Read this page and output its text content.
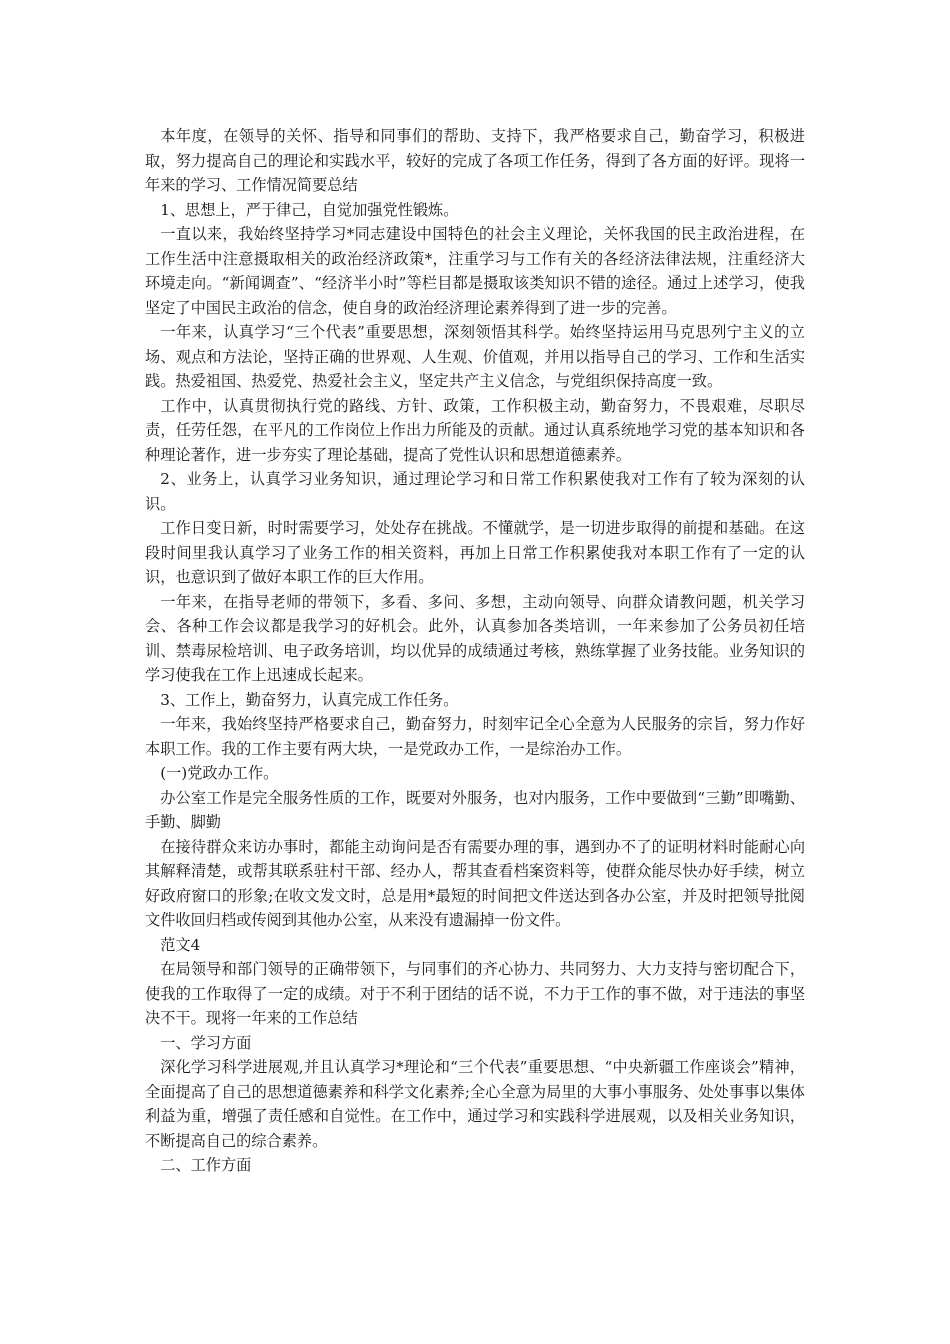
本年度，在领导的关怀、指导和同事们的帮助、支持下，我严格要求自己，勤奋学习，积极进取，努力提高自己的理论和实践水平，较好的完成了各项工作任务，得到了各方面的好评。现将一年来的学习、工作情况简要总结

1、思想上，严于律己，自觉加强党性锻炼。

一直以来，我始终坚持学习*同志建设中国特色的社会主义理论，关怀我国的民主政治进程，在工作生活中注意摄取相关的政治经济政策*，注重学习与工作有关的各经济法律法规，注重经济大环境走向。“新闻调查”、“经济半小时”等栏目都是摄取该类知识不错的途径。通过上述学习，使我坚定了中国民主政治的信念，使自身的政治经济理论素养得到了进一步的完善。

一年来，认真学习“三个代表”重要思想，深刻领悟其科学。始终坚持运用马克思列宁主义的立场、观点和方法论，坚持正确的世界观、人生观、价值观，并用以指导自己的学习、工作和生活实践。热爱祖国、热爱党、热爱社会主义，坚定共产主义信念，与党组织保持高度一致。

工作中，认真贯彻执行党的路线、方针、政策，工作积极主动，勤奋努力，不畏艰难，尽职尽责，任劳任怨，在平凡的工作岗位上作出力所能及的贡献。通过认真系统地学习党的基本知识和各种理论著作，进一步夯实了理论基础，提高了党性认识和思想道德素养。

2、业务上，认真学习业务知识，通过理论学习和日常工作积累使我对工作有了较为深刻的认识。

工作日变日新，时时需要学习，处处存在挑战。不懂就学，是一切进步取得的前提和基础。在这段时间里我认真学习了业务工作的相关资料，再加上日常工作积累使我对本职工作有了一定的认识，也意识到了做好本职工作的巨大作用。

一年来，在指导老师的带领下，多看、多问、多想，主动向领导、向群众请教问题，机关学习会、各种工作会议都是我学习的好机会。此外，认真参加各类培训，一年来参加了公务员初任培训、禁毒尿检培训、电子政务培训，均以优异的成绩通过考核，熟练掌握了业务技能。业务知识的学习使我在工作上迅速成长起来。

3、工作上，勤奋努力，认真完成工作任务。

一年来，我始终坚持严格要求自己，勤奋努力，时刻牢记全心全意为人民服务的宗旨，努力作好本职工作。我的工作主要有两大块，一是党政办工作，一是综治办工作。

(一)党政办工作。

办公室工作是完全服务性质的工作，既要对外服务，也对内服务，工作中要做到“三勤”即嘴勤、手勤、脚勤

在接待群众来访办事时，都能主动询问是否有需要办理的事，遇到办不了的证明材料时能耐心向其解释清楚，或帮其联系驻村干部、经办人，帮其查看档案资料等，使群众能尽快办好手续，树立好政府窗口的形象;在收文发文时，总是用*最短的时间把文件送达到各办公室，并及时把领导批阅文件收回归档或传阅到其他办公室，从来没有遗漏掉一份文件。

范文4

在局领导和部门领导的正确带领下，与同事们的齐心协力、共同努力、大力支持与密切配合下，使我的工作取得了一定的成绩。对于不利于团结的话不说，不力于工作的事不做，对于违法的事坚决不干。现将一年来的工作总结

一、学习方面

深化学习科学进展观,并且认真学习*理论和“三个代表”重要思想、“中央新疆工作座谈会”精神，全面提高了自己的思想道德素养和科学文化素养;全心全意为局里的大事小事服务、处处事事以集体利益为重，增强了责任感和自觉性。在工作中，通过学习和实践科学进展观，以及相关业务知识，不断提高自己的综合素养。

二、工作方面
